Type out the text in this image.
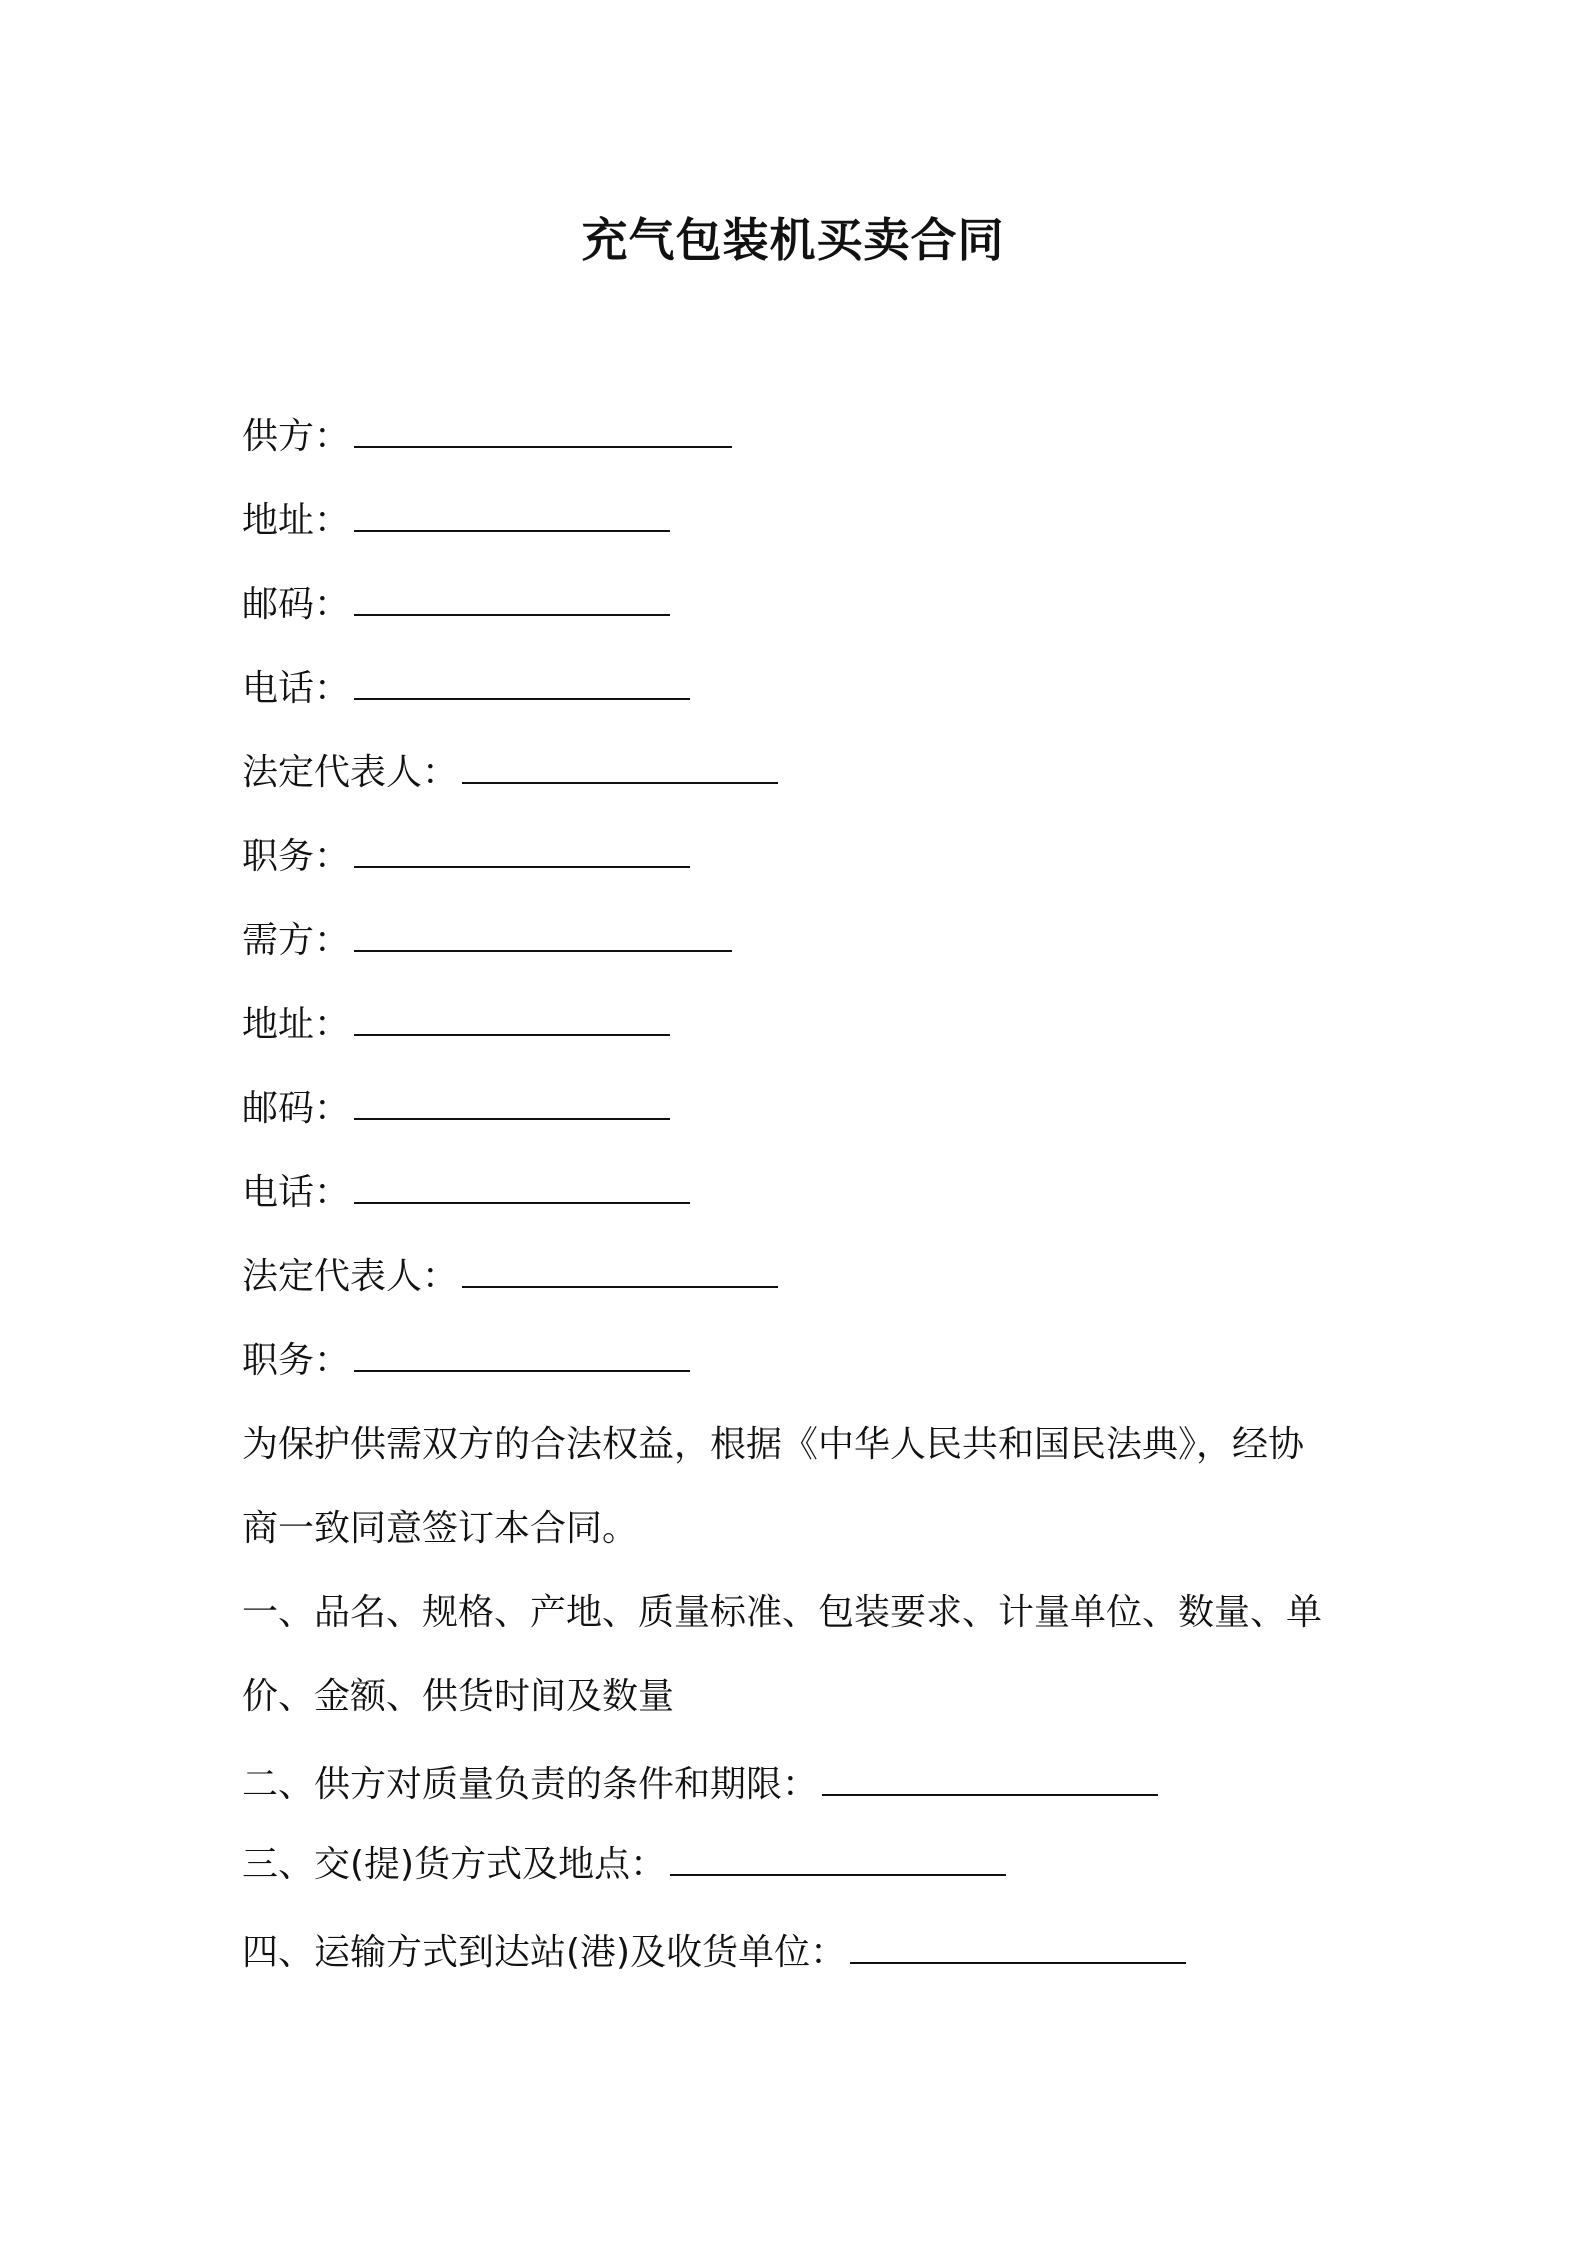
充气包装机买卖合同
供方：
地址：
邮码：
电话：
法定代表人：
职务：
需方：
地址：
邮码：
电话：
法定代表人：
职务：
为保护供需双方的合法权益，根据《中华人民共和国民法典》，经协
商一致同意签订本合同。
一、品名、规格、产地、质量标准、包装要求、计量单位、数量、单
价、金额、供货时间及数量
二、供方对质量负责的条件和期限：
三、交(提)货方式及地点：
四、运输方式到达站(港)及收货单位：
